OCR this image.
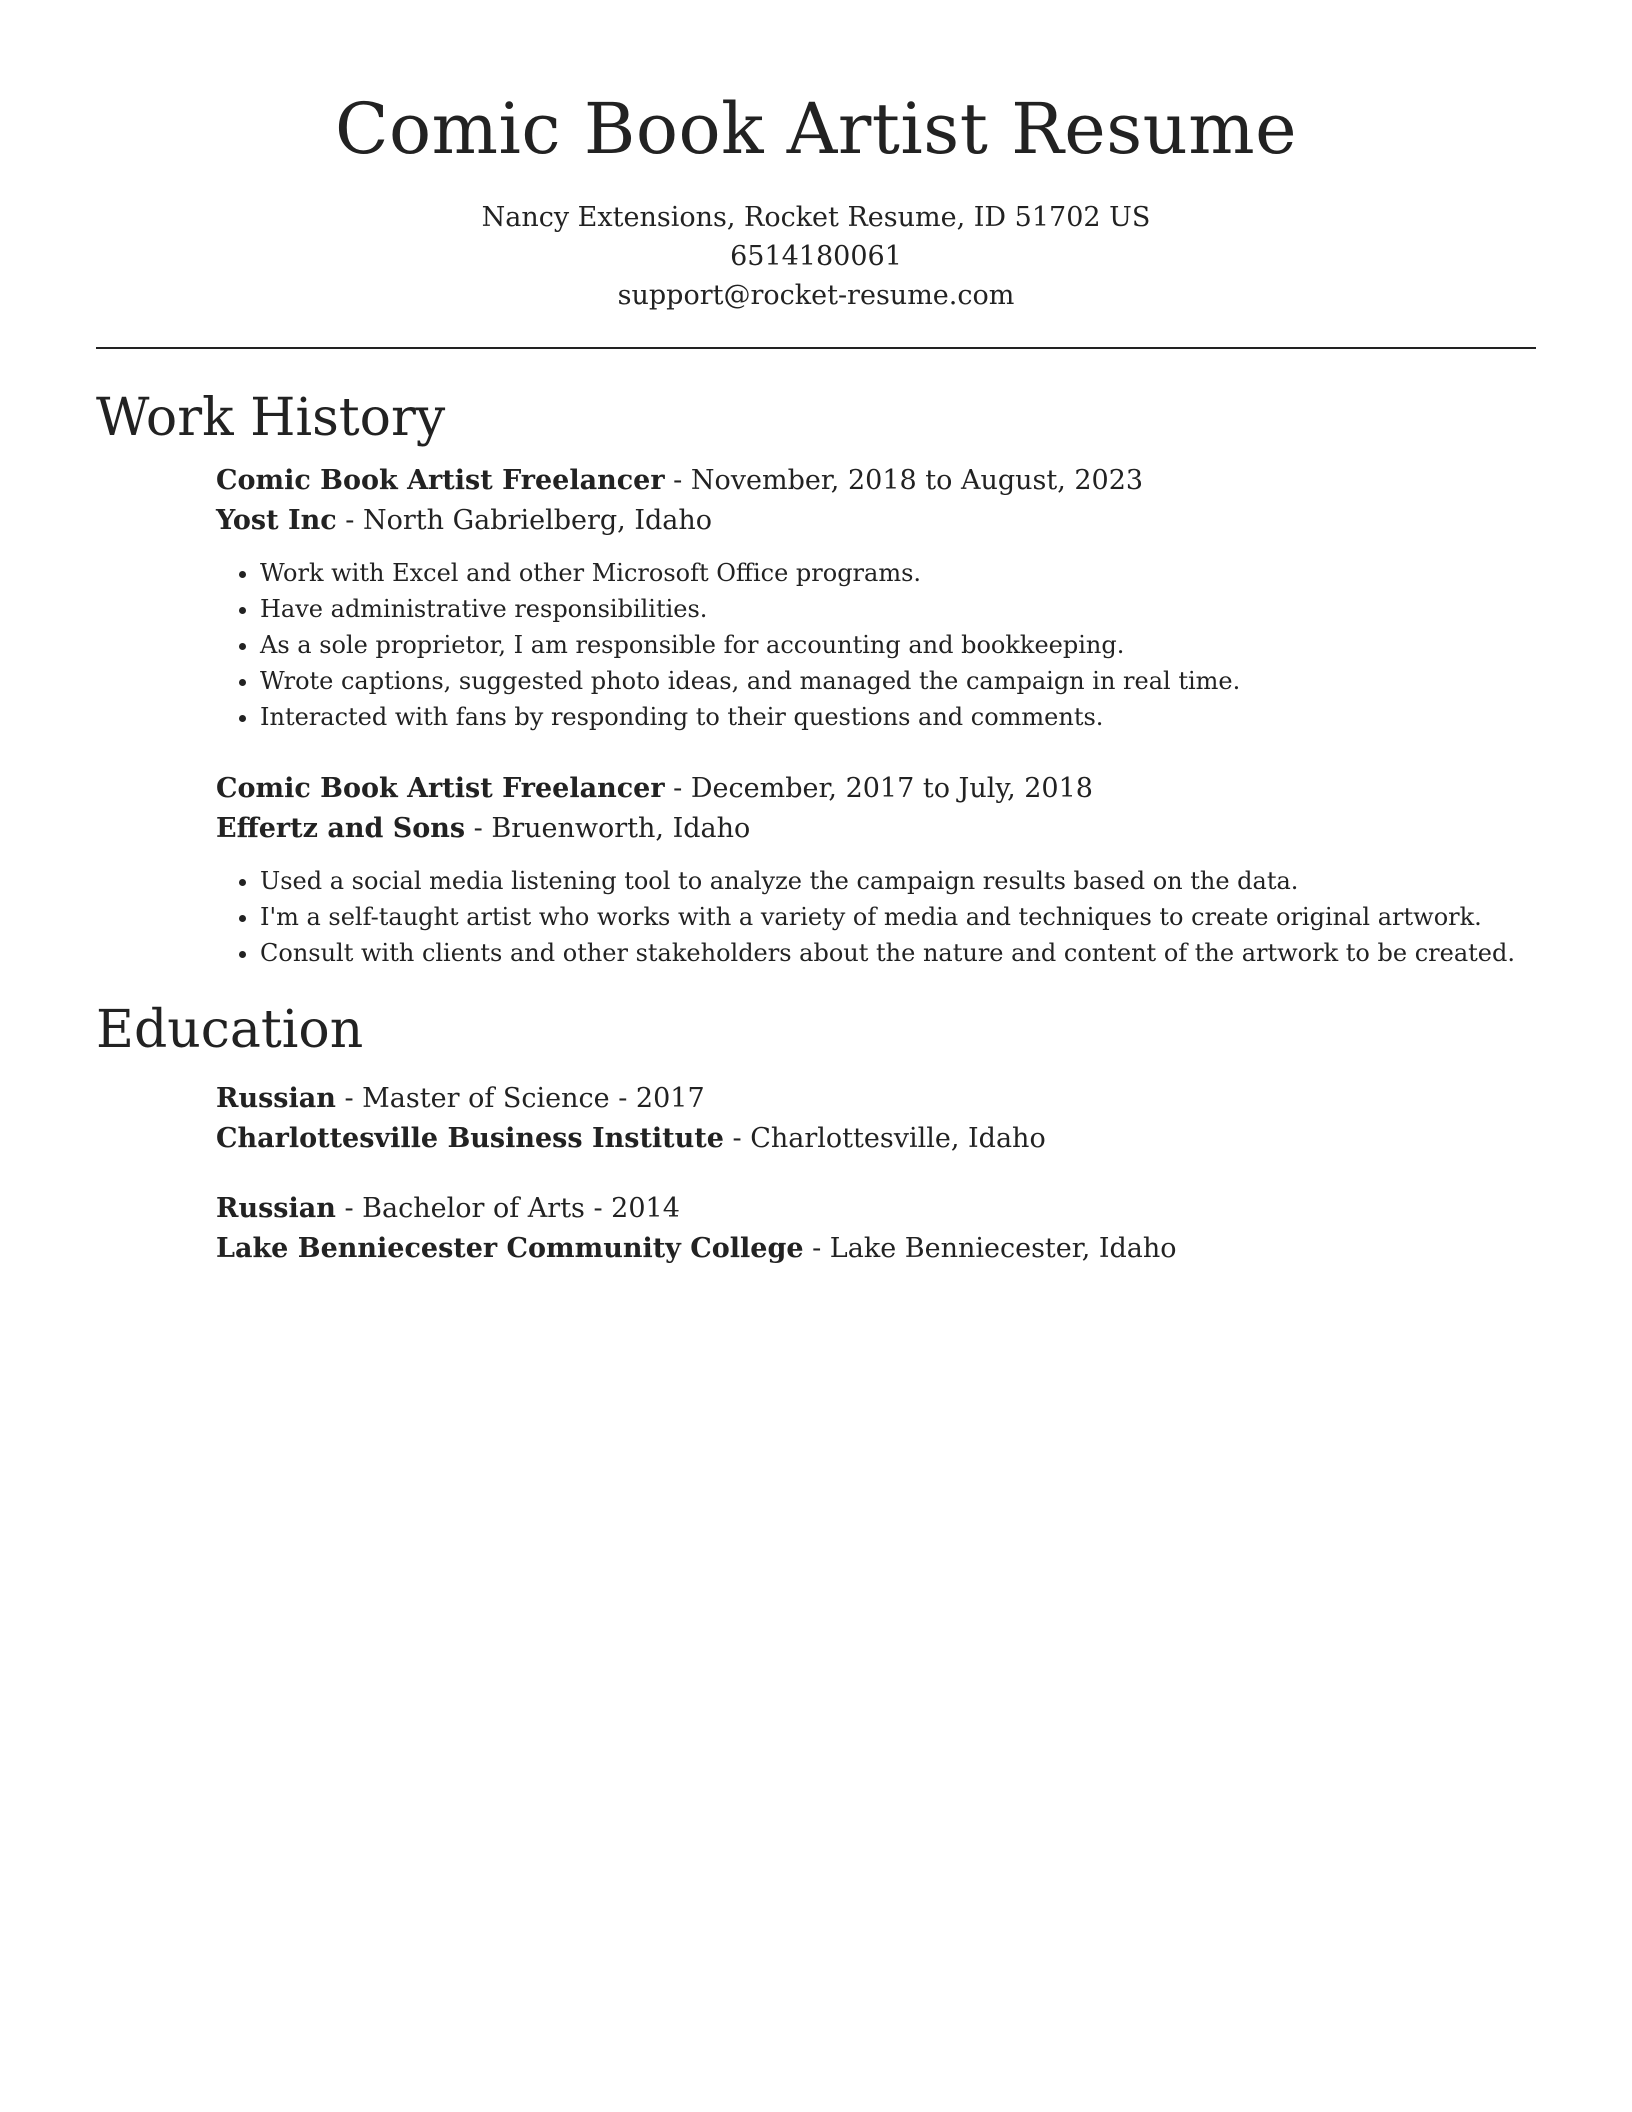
Comic Book Artist Resume
Nancy Extensions, Rocket Resume, ID 51702 US
6514180061
support@rocket-resume.com
Work History
Comic Book Artist Freelancer - November, 2018 to August, 2023
Yost Inc - North Gabrielberg, Idaho
• Work with Excel and other Microsoft Office programs.
• Have administrative responsibilities.
• As a sole proprietor, I am responsible for accounting and bookkeeping.
• Wrote captions, suggested photo ideas, and managed the campaign in real time.
• Interacted with fans by responding to their questions and comments.
Comic Book Artist Freelancer - December, 2017 to July, 2018
Effertz and Sons - Bruenworth, Idaho
• Used a social media listening tool to analyze the campaign results based on the data.
• I'm a self-taught artist who works with a variety of media and techniques to create original artwork.
• Consult with clients and other stakeholders about the nature and content of the artwork to be created.
Education
Russian - Master of Science - 2017
Charlottesville Business Institute - Charlottesville, Idaho
Russian - Bachelor of Arts - 2014
Lake Benniecester Community College - Lake Benniecester, Idaho
